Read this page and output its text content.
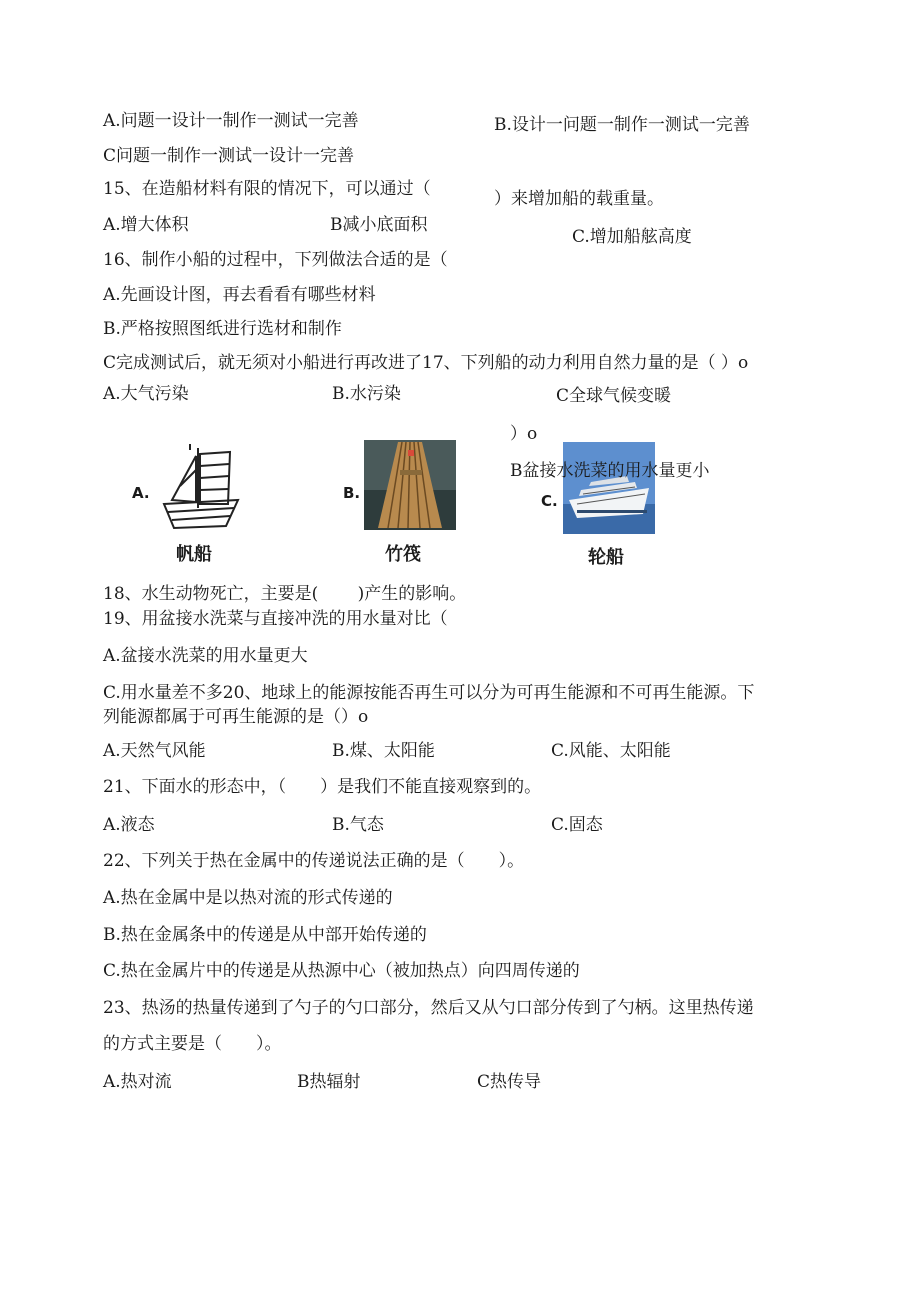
A.问题一设计一制作一测试一完善	B.设计一问题一制作一测试一完善
C问题一制作一测试一设计一完善
15、在造船材料有限的情况下，可以通过（	）来增加船的载重量。
A.增大体积	B减小底面积
C.增加船舷高度
16、制作小船的过程中，下列做法合适的是（
A.先画设计图，再去看看有哪些材料
B.严格按照图纸进行选材和制作
C完成测试后，就无须对小船进行再改进了17、下列船的动力利用自然力量的是（ ）o
A.大气污染	B.水污染	C全球气候变暖
）o
A.
帆船
B.
竹筏
C.
轮船
B盆接水洗菜的用水量更小
18、水生动物死亡，主要是(　　 )产生的影响。
19、用盆接水洗菜与直接冲洗的用水量对比（
A.盆接水洗菜的用水量更大
C.用水量差不多20、地球上的能源按能否再生可以分为可再生能源和不可再生能源。下
列能源都属于可再生能源的是（）o
A.天然气风能	B.煤、太阳能	C.风能、太阳能
21、下面水的形态中，（　　）是我们不能直接观察到的。
A.液态	B.气态	C.固态
22、下列关于热在金属中的传递说法正确的是（　　）。
A.热在金属中是以热对流的形式传递的
B.热在金属条中的传递是从中部开始传递的
C.热在金属片中的传递是从热源中心（被加热点）向四周传递的
23、热汤的热量传递到了勺子的勺口部分，然后又从勺口部分传到了勺柄。这里热传递
的方式主要是（　　）。
A.热对流	B热辐射	C热传导
